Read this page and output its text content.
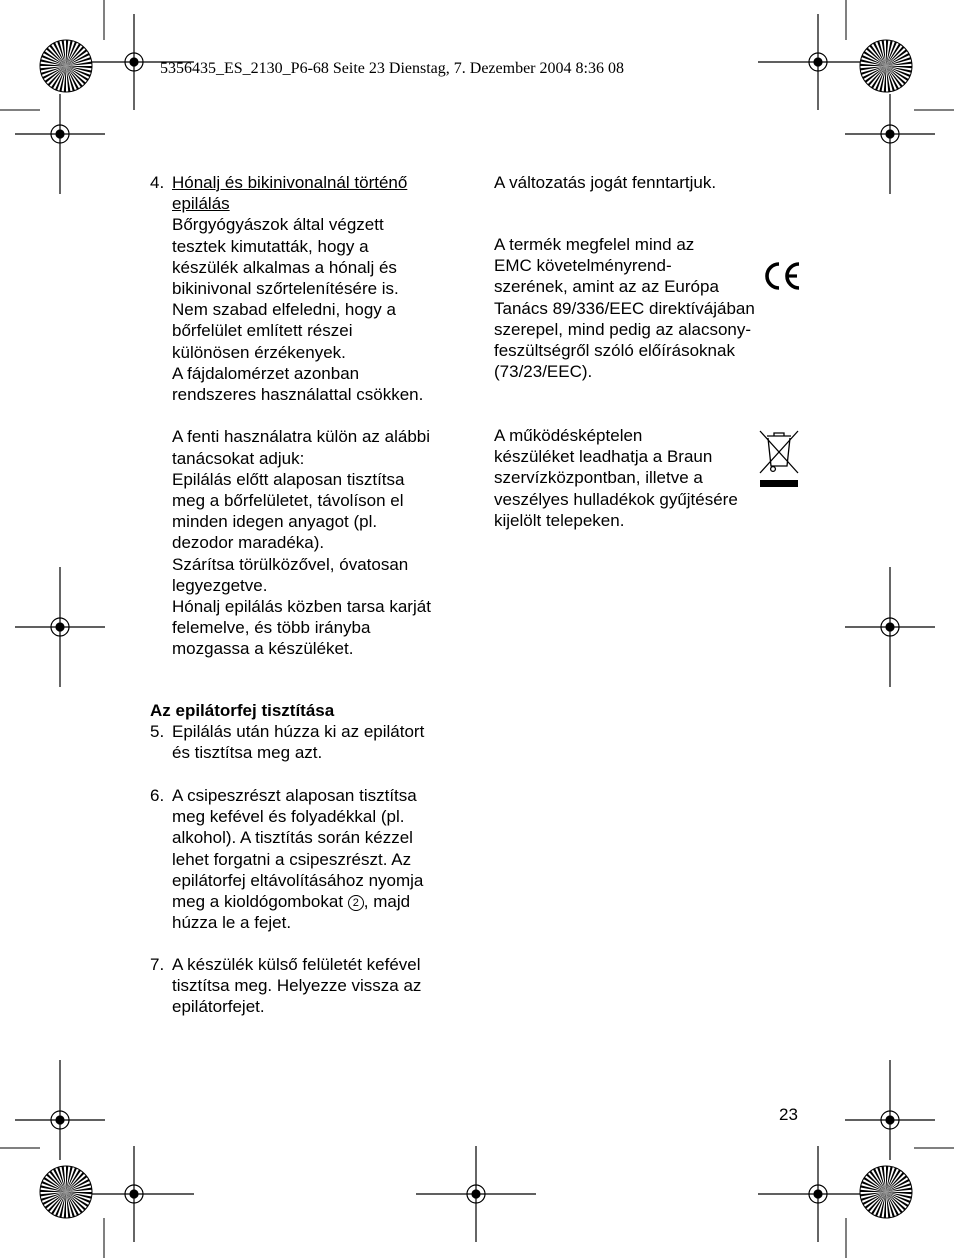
5356435_ES_2130_P6-68 Seite 23 Dienstag, 7. Dezember 2004 8:36 08
4. Hónalj és bikinivonalnál történő
epilálás
Bőrgyógyászok által végzett
tesztek kimutatták, hogy a
készülék alkalmas a hónalj és
bikinivonal szőrtelenítésére is.
Nem szabad elfeledni, hogy a
bőrfelület említett részei
különösen érzékenyek.
A fájdalomérzet azonban
rendszeres használattal csökken.

A fenti használatra külön az alábbi
tanácsokat adjuk:
Epilálás előtt alaposan tisztítsa
meg a bőrfelületet, távolíson el
minden idegen anyagot (pl.
dezodor maradéka).
Szárítsa törülközővel, óvatosan
legyezgetve.
Hónalj epilálás közben tarsa karját
felemelve, és több irányba
mozgassa a készüléket.
Az epilátorfej tisztítása
5. Epilálás után húzza ki az epilátort
és tisztítsa meg azt.
6. A csipeszrészt alaposan tisztítsa
meg kefével és folyadékkal (pl.
alkohol). A tisztítás során kézzel
lehet forgatni a csipeszrészt. Az
epilátorfej eltávolításához nyomja
meg a kioldógombokat 2 , majd
húzza le a fejet.
7. A készülék külső felületét kefével
tisztítsa meg. Helyezze vissza az
epilátorfejet.
A változatás jogát fenntartjuk.
A termék megfelel mind az
EMC követelményrend-
szerének, amint az az Európa
Tanács 89/336/EEC direktívájában
szerepel, mind pedig az alacsony-
feszültségről szóló előírásoknak
(73/23/EEC).
A működésképtelen
készüléket leadhatja a Braun
szervízközpontban, illetve a
veszélyes hulladékok gyűjtésére
kijelölt telepeken.
23
